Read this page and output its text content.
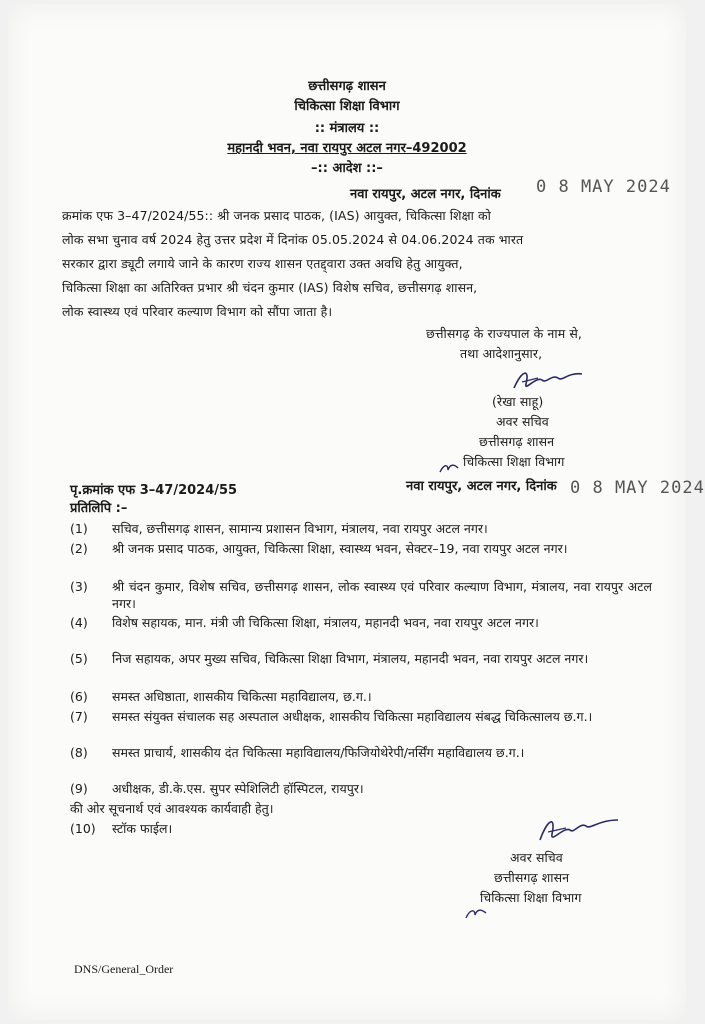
छत्तीसगढ़ शासन
चिकित्सा शिक्षा विभाग
:: मंत्रालय ::
महानदी भवन, नवा रायपुर अटल नगर–492002
–:: आदेश ::–
नवा रायपुर, अटल नगर, दिनांक 0 8 MAY 2024
क्रमांक एफ 3–47/2024/55:: श्री जनक प्रसाद पाठक, (IAS) आयुक्त, चिकित्सा शिक्षा को
लोक सभा चुनाव वर्ष 2024 हेतु उत्तर प्रदेश में दिनांक 05.05.2024 से 04.06.2024 तक भारत
सरकार द्वारा ड्यूटी लगाये जाने के कारण राज्य शासन एतद्द्वारा उक्त अवधि हेतु आयुक्त,
चिकित्सा शिक्षा का अतिरिक्त प्रभार श्री चंदन कुमार (IAS) विशेष सचिव, छत्तीसगढ़ शासन,
लोक स्वास्थ्य एवं परिवार कल्याण विभाग को सौंपा जाता है।
छत्तीसगढ़ के राज्यपाल के नाम से,
तथा आदेशानुसार,
(रेखा साहू)
अवर सचिव
छत्तीसगढ़ शासन
चिकित्सा शिक्षा विभाग
पृ.क्रमांक एफ 3–47/2024/55	नवा रायपुर, अटल नगर, दिनांक 0 8 MAY 2024
प्रतिलिपि :–
(1)	सचिव, छत्तीसगढ़ शासन, सामान्य प्रशासन विभाग, मंत्रालय, नवा रायपुर अटल नगर।
(2)	श्री जनक प्रसाद पाठक, आयुक्त, चिकित्सा शिक्षा, स्वास्थ्य भवन, सेक्टर–19, नवा रायपुर अटल नगर।
(3)	श्री चंदन कुमार, विशेष सचिव, छत्तीसगढ़ शासन, लोक स्वास्थ्य एवं परिवार कल्याण विभाग, मंत्रालय, नवा रायपुर अटल नगर।
(4)	विशेष सहायक, मान. मंत्री जी चिकित्सा शिक्षा, मंत्रालय, महानदी भवन, नवा रायपुर अटल नगर।
(5)	निज सहायक, अपर मुख्य सचिव, चिकित्सा शिक्षा विभाग, मंत्रालय, महानदी भवन, नवा रायपुर अटल नगर।
(6)	समस्त अधिष्ठाता, शासकीय चिकित्सा महाविद्यालय, छ.ग.।
(7)	समस्त संयुक्त संचालक सह अस्पताल अधीक्षक, शासकीय चिकित्सा महाविद्यालय संबद्ध चिकित्सालय छ.ग.।
(8)	समस्त प्राचार्य, शासकीय दंत चिकित्सा महाविद्यालय/फिजियोथेरेपी/नर्सिंग महाविद्यालय छ.ग.।
(9)	अधीक्षक, डी.के.एस. सुपर स्पेशिलिटी हॉस्पिटल, रायपुर।
की ओर सूचनार्थ एवं आवश्यक कार्यवाही हेतु।
(10)	स्टॉक फाईल।
अवर सचिव
छत्तीसगढ़ शासन
चिकित्सा शिक्षा विभाग
DNS/General_Order
